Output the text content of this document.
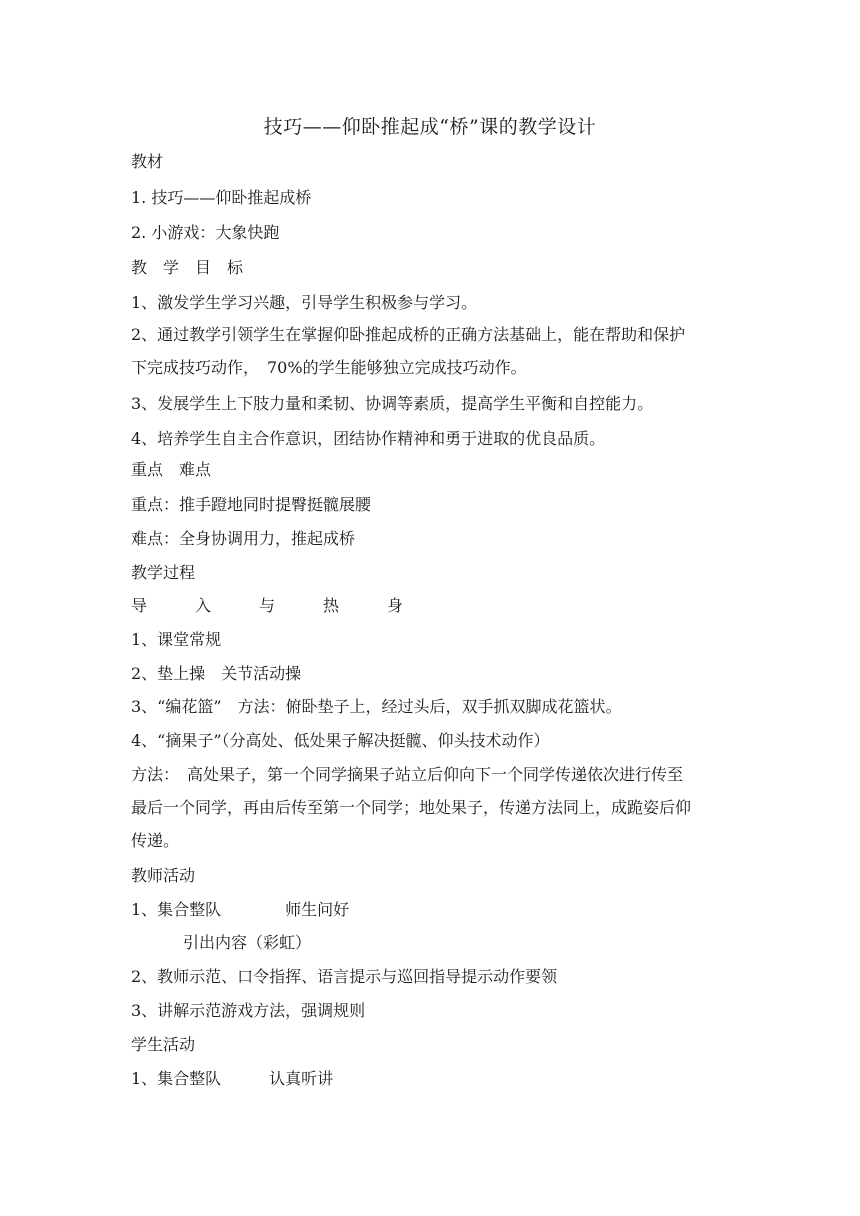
技巧——仰卧推起成“桥”课的教学设计
教材
1. 技巧——仰卧推起成桥
2. 小游戏：大象快跑
教　学　目　标
1、激发学生学习兴趣，引导学生积极参与学习。
2、通过教学引领学生在掌握仰卧推起成桥的正确方法基础上，能在帮助和保护
下完成技巧动作，　70%的学生能够独立完成技巧动作。
3、发展学生上下肢力量和柔韧、协调等素质，提高学生平衡和自控能力。
4、培养学生自主合作意识，团结协作精神和勇于进取的优良品质。
重点　难点
重点：推手蹬地同时提臀挺髋展腰
难点：全身协调用力，推起成桥
教学过程
导　　　入　　　与　　　热　　　身
1、课堂常规
2、垫上操　关节活动操
3、“编花篮”　方法：俯卧垫子上，经过头后，双手抓双脚成花篮状。
4、“摘果子”（分高处、低处果子解决挺髋、仰头技术动作）
方法：　高处果子，第一个同学摘果子站立后仰向下一个同学传递依次进行传至
最后一个同学，再由后传至第一个同学；地处果子，传递方法同上，成跪姿后仰
传递。
教师活动
1、集合整队　　　　师生问好
引出内容（彩虹）
2、教师示范、口令指挥、语言提示与巡回指导提示动作要领
3、讲解示范游戏方法，强调规则
学生活动
1、集合整队　　　认真听讲
